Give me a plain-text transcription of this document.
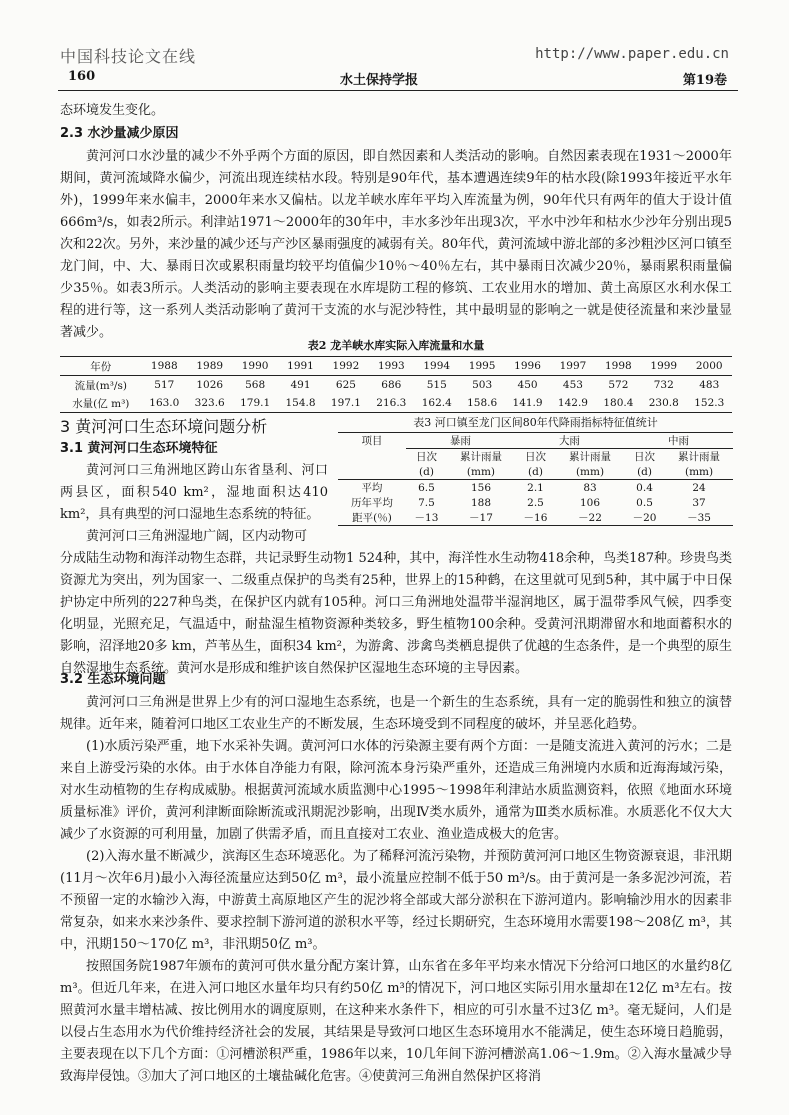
中国科技论文在线	http://www.paper.edu.cn
160	水土保持学报	第19卷
态环境发生变化。
2.3 水沙量减少原因
黄河河口水沙量的减少不外乎两个方面的原因，即自然因素和人类活动的影响。自然因素表现在1931～2000年期间，黄河流域降水偏少，河流出现连续枯水段。特别是90年代，基本遭遇连续9年的枯水段(除1993年接近平水年外)，1999年来水偏丰，2000年来水又偏枯。以龙羊峡水库年平均入库流量为例，90年代只有两年的值大于设计值666m³/s，如表2所示。利津站1971～2000年的30年中，丰水多沙年出现3次，平水中沙年和枯水少沙年分别出现5次和22次。另外，来沙量的减少还与产沙区暴雨强度的减弱有关。80年代，黄河流域中游北部的多沙粗沙区河口镇至龙门间，中、大、暴雨日次或累积雨量均较平均值偏少10％～40％左右，其中暴雨日次减少20％，暴雨累积雨量偏少35％。如表3所示。人类活动的影响主要表现在水库堤防工程的修筑、工农业用水的增加、黄土高原区水利水保工程的进行等，这一系列人类活动影响了黄河干支流的水与泥沙特性，其中最明显的影响之一就是使径流量和来沙量显著减少。
表2 龙羊峡水库实际入库流量和水量
年份	1988	1989	1990	1991	1992	1993	1994	1995	1996	1997	1998	1999	2000
流量(m³/s)	517	1026	568	491	625	686	515	503	450	453	572	732	483
水量(亿 m³)	163.0	323.6	179.1	154.8	197.1	216.3	162.4	158.6	141.9	142.9	180.4	230.8	152.3
3 黄河河口生态环境问题分析	表3 河口镇至龙门区间80年代降雨指标特征值统计
项目	暴雨		大雨		中雨	
	日次	累计雨量	日次	累计雨量	日次	累计雨量
	(d)	(mm)	(d)	(mm)	(d)	(mm)
平均	6.5	156	2.1	83	0.4	24
历年平均	7.5	188	2.5	106	0.5	37
距平(％)	－13	－17	－16	－22	－20	－35
3.1 黄河河口生态环境特征
黄河河口三角洲地区跨山东省垦利、河口两县区，面积540 km²，湿地面积达410 km²，具有典型的河口湿地生态系统的特征。
黄河河口三角洲湿地广阔，区内动物可
分成陆生动物和海洋动物生态群，共记录野生动物1 524种，其中，海洋性水生动物418余种，鸟类187种。珍贵鸟类资源尤为突出，列为国家一、二级重点保护的鸟类有25种，世界上的15种鹤，在这里就可见到5种，其中属于中日保护协定中所列的227种鸟类，在保护区内就有105种。河口三角洲地处温带半湿润地区，属于温带季风气候，四季变化明显，光照充足，气温适中，耐盐湿生植物资源种类较多，野生植物100余种。受黄河汛期滞留水和地面蓄积水的影响，沼泽地20多 km，芦苇丛生，面积34 km²，为游禽、涉禽鸟类栖息提供了优越的生态条件，是一个典型的原生自然湿地生态系统。黄河水是形成和维护该自然保护区湿地生态环境的主导因素。
3.2 生态环境问题
黄河河口三角洲是世界上少有的河口湿地生态系统，也是一个新生的生态系统，具有一定的脆弱性和独立的演替规律。近年来，随着河口地区工农业生产的不断发展，生态环境受到不同程度的破坏，并呈恶化趋势。
(1)水质污染严重，地下水采补失调。黄河河口水体的污染源主要有两个方面：一是随支流进入黄河的污水；二是来自上游受污染的水体。由于水体自净能力有限，除河流本身污染严重外，还造成三角洲境内水质和近海海域污染，对水生动植物的生存构成威胁。根据黄河流域水质监测中心1995～1998年利津站水质监测资料，依照《地面水环境质量标准》评价，黄河利津断面除断流或汛期泥沙影响，出现Ⅳ类水质外，通常为Ⅲ类水质标准。水质恶化不仅大大减少了水资源的可利用量，加剧了供需矛盾，而且直接对工农业、渔业造成极大的危害。
(2)入海水量不断减少，滨海区生态环境恶化。为了稀释河流污染物，并预防黄河河口地区生物资源衰退，非汛期(11月～次年6月)最小入海径流量应达到50亿 m³，最小流量应控制不低于50 m³/s。由于黄河是一条多泥沙河流，若不预留一定的水输沙入海，中游黄土高原地区产生的泥沙将全部或大部分淤积在下游河道内。影响输沙用水的因素非常复杂，如来水来沙条件、要求控制下游河道的淤积水平等，经过长期研究，生态环境用水需要198～208亿 m³，其中，汛期150～170亿 m³，非汛期50亿 m³。
按照国务院1987年颁布的黄河可供水量分配方案计算，山东省在多年平均来水情况下分给河口地区的水量约8亿 m³。但近几年来，在进入河口地区水量年均只有约50亿 m³的情况下，河口地区实际引用水量却在12亿 m³左右。按照黄河水量丰增枯减、按比例用水的调度原则，在这种来水条件下，相应的可引水量不过3亿 m³。毫无疑问，人们是以侵占生态用水为代价维持经济社会的发展，其结果是导致河口地区生态环境用水不能满足，使生态环境日趋脆弱，主要表现在以下几个方面：①河槽淤积严重，1986年以来，10几年间下游河槽淤高1.06～1.9m。②入海水量减少导致海岸侵蚀。③加大了河口地区的土壤盐碱化危害。④使黄河三角洲自然保护区将消
